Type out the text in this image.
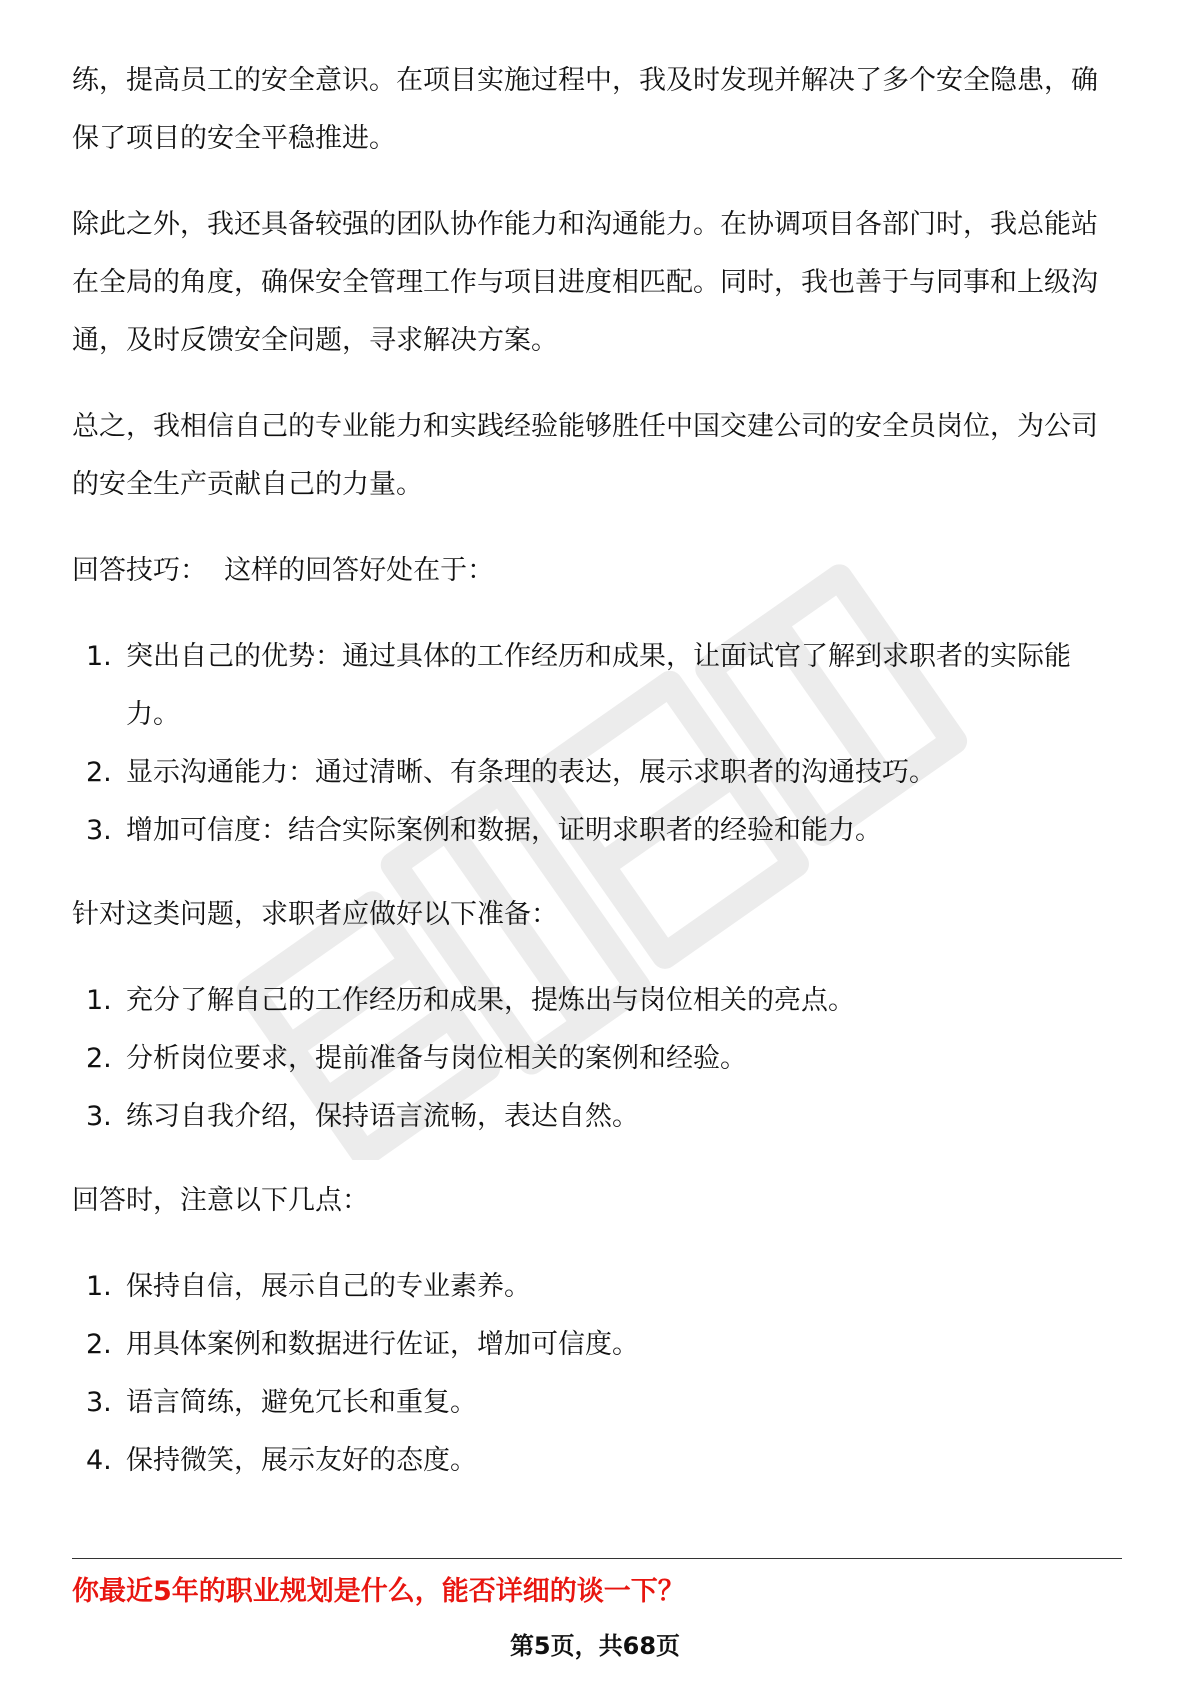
练，提高员工的安全意识。在项目实施过程中，我及时发现并解决了多个安全隐患，确保了项目的安全平稳推进。

除此之外，我还具备较强的团队协作能力和沟通能力。在协调项目各部门时，我总能站在全局的角度，确保安全管理工作与项目进度相匹配。同时，我也善于与同事和上级沟通，及时反馈安全问题，寻求解决方案。

总之，我相信自己的专业能力和实践经验能够胜任中国交建公司的安全员岗位，为公司的安全生产贡献自己的力量。

回答技巧：  这样的回答好处在于：

1. 突出自己的优势：通过具体的工作经历和成果，让面试官了解到求职者的实际能力。
2. 显示沟通能力：通过清晰、有条理的表达，展示求职者的沟通技巧。
3. 增加可信度：结合实际案例和数据，证明求职者的经验和能力。

针对这类问题，求职者应做好以下准备：

1. 充分了解自己的工作经历和成果，提炼出与岗位相关的亮点。
2. 分析岗位要求，提前准备与岗位相关的案例和经验。
3. 练习自我介绍，保持语言流畅，表达自然。

回答时，注意以下几点：

1. 保持自信，展示自己的专业素养。
2. 用具体案例和数据进行佐证，增加可信度。
3. 语言简练，避免冗长和重复。
4. 保持微笑，展示友好的态度。
你最近5年的职业规划是什么，能否详细的谈一下？
第5页，共68页
